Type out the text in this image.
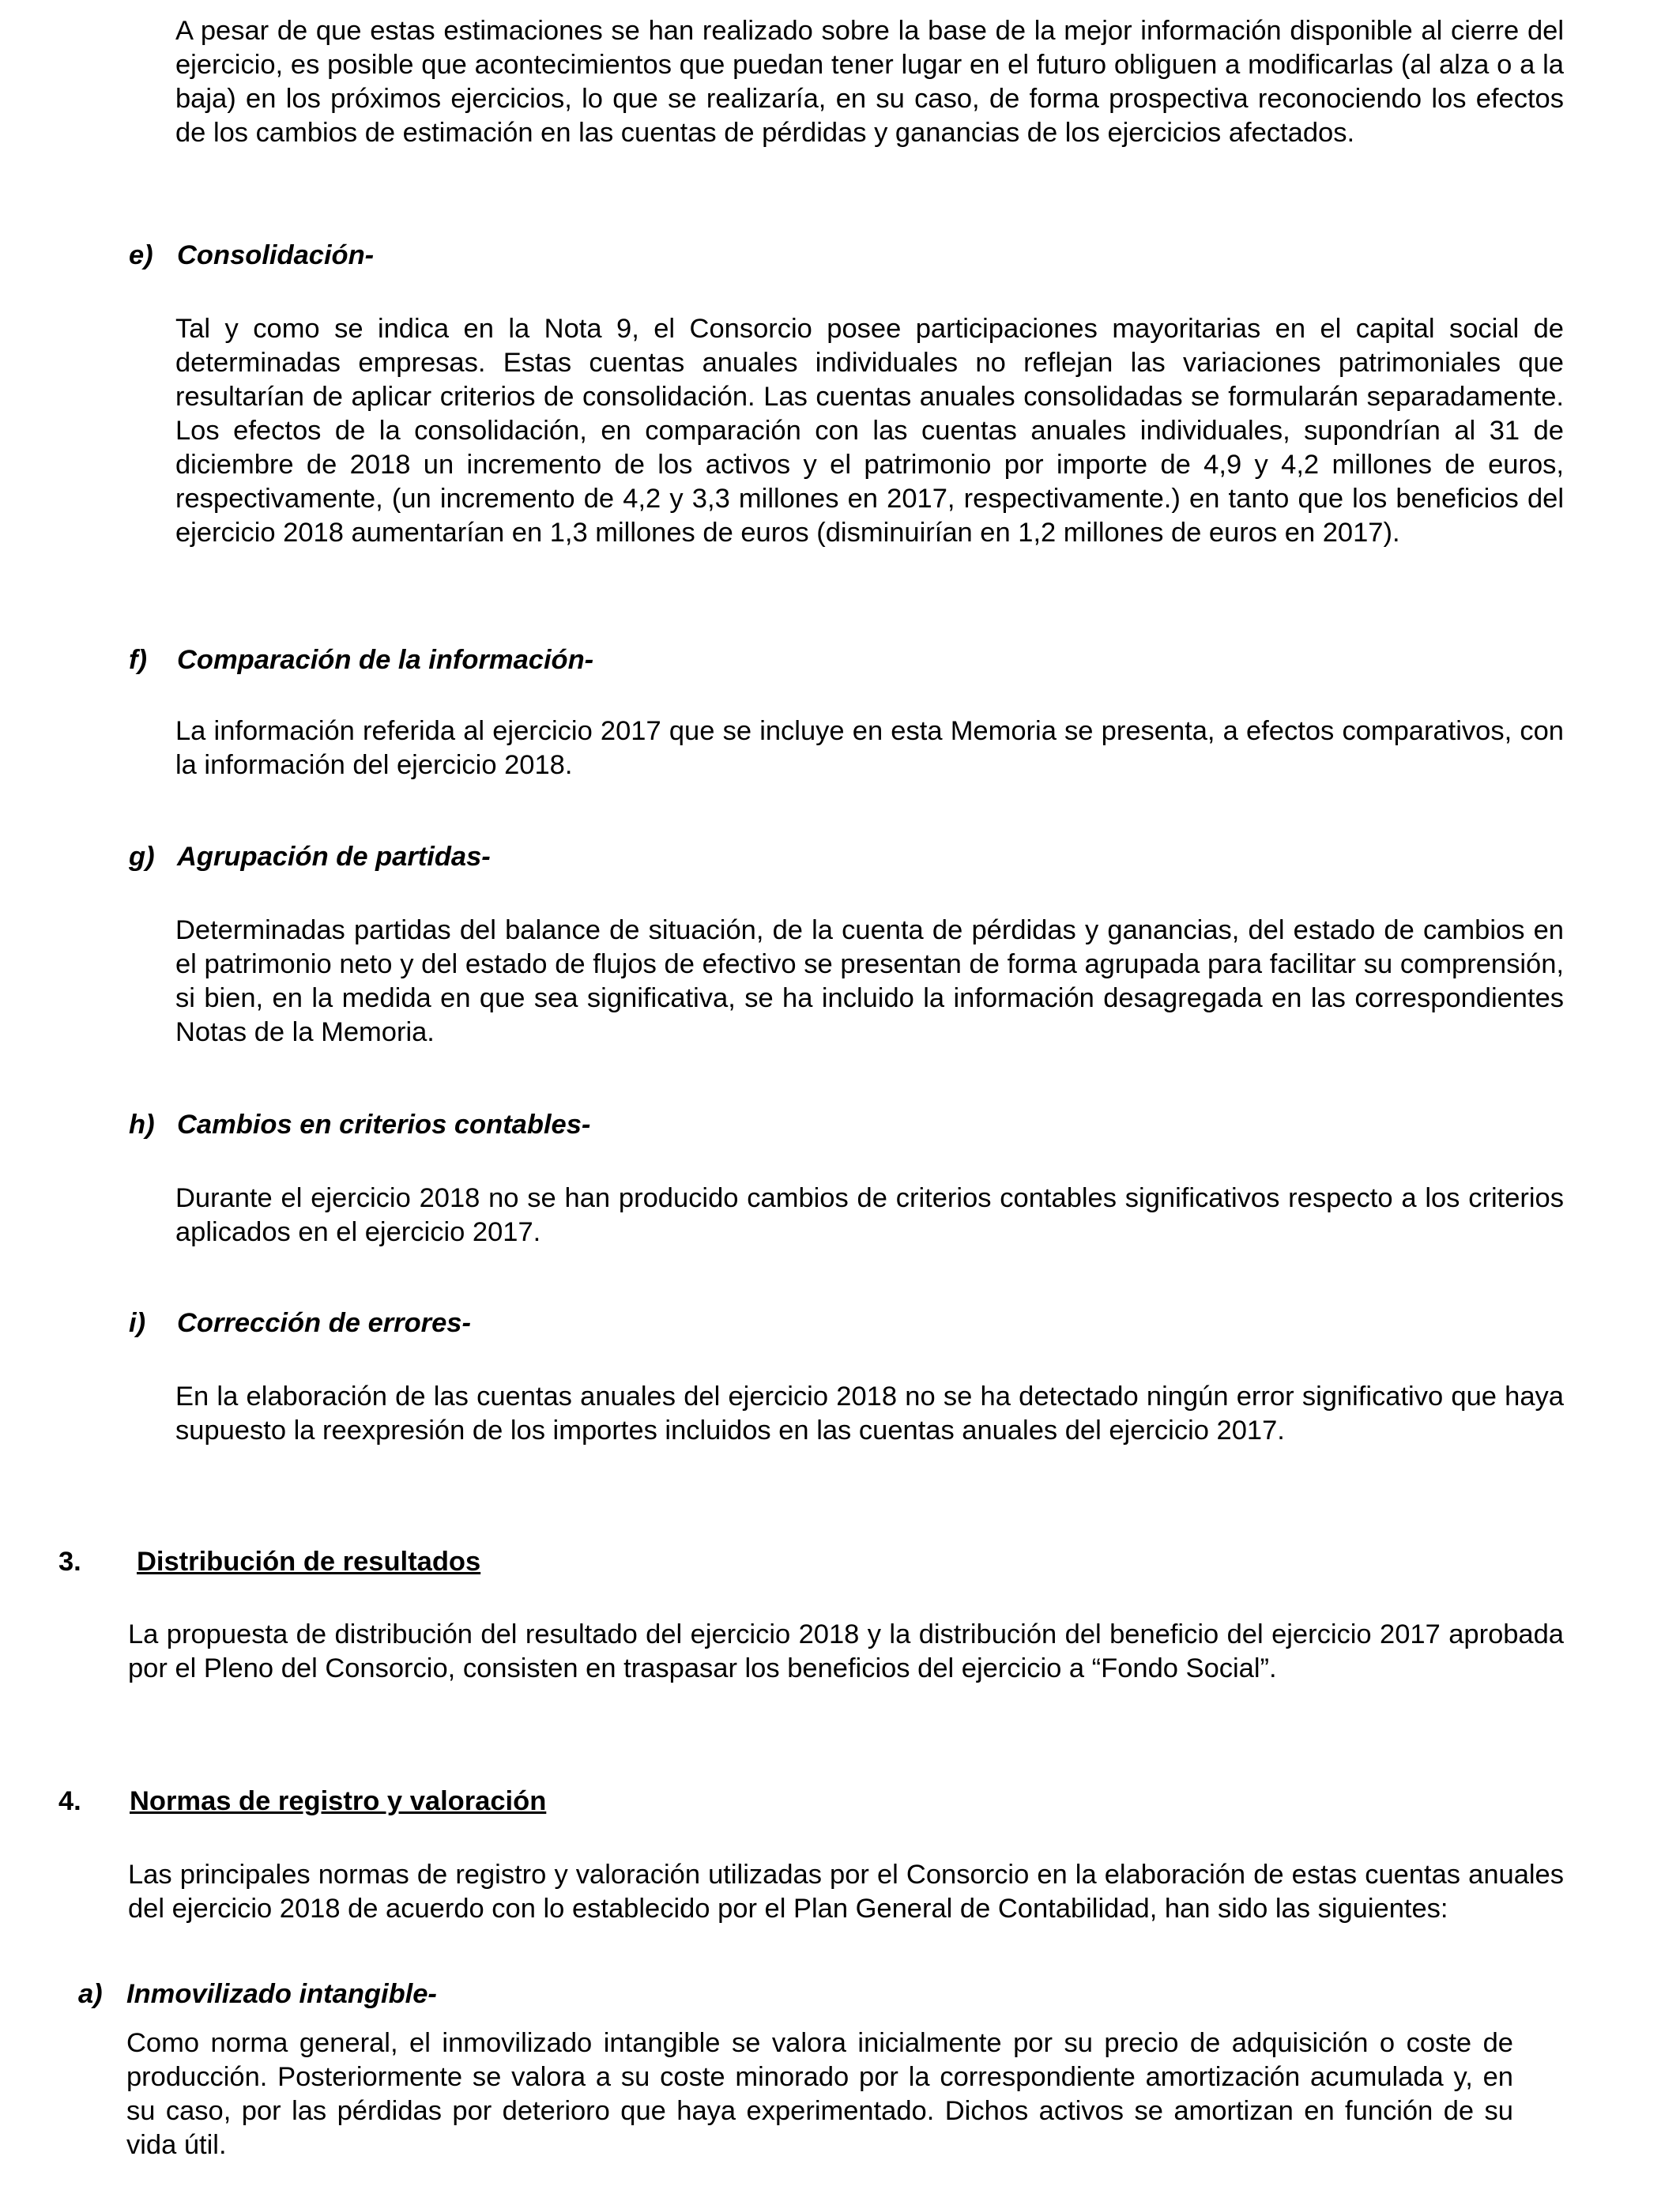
A pesar de que estas estimaciones se han realizado sobre la base de la mejor información disponible al cierre del ejercicio, es posible que acontecimientos que puedan tener lugar en el futuro obliguen a modificarlas (al alza o a la baja) en los próximos ejercicios, lo que se realizaría, en su caso, de forma prospectiva reconociendo los efectos de los cambios de estimación en las cuentas de pérdidas y ganancias de los ejercicios afectados.

e) Consolidación-

Tal y como se indica en la Nota 9, el Consorcio posee participaciones mayoritarias en el capital social de determinadas empresas. Estas cuentas anuales individuales no reflejan las variaciones patrimoniales que resultarían de aplicar criterios de consolidación. Las cuentas anuales consolidadas se formularán separadamente. Los efectos de la consolidación, en comparación con las cuentas anuales individuales, supondrían al 31 de diciembre de 2018 un incremento de los activos y el patrimonio por importe de 4,9 y 4,2 millones de euros, respectivamente, (un incremento de 4,2 y 3,3 millones en 2017, respectivamente.) en tanto que los beneficios del ejercicio 2018 aumentarían en 1,3 millones de euros (disminuirían en 1,2 millones de euros en 2017).

f) Comparación de la información-

La información referida al ejercicio 2017 que se incluye en esta Memoria se presenta, a efectos comparativos, con la información del ejercicio 2018.

g) Agrupación de partidas-

Determinadas partidas del balance de situación, de la cuenta de pérdidas y ganancias, del estado de cambios en el patrimonio neto y del estado de flujos de efectivo se presentan de forma agrupada para facilitar su comprensión, si bien, en la medida en que sea significativa, se ha incluido la información desagregada en las correspondientes Notas de la Memoria.

h) Cambios en criterios contables-

Durante el ejercicio 2018 no se han producido cambios de criterios contables significativos respecto a los criterios aplicados en el ejercicio 2017.

i) Corrección de errores-

En la elaboración de las cuentas anuales del ejercicio 2018 no se ha detectado ningún error significativo que haya supuesto la reexpresión de los importes incluidos en las cuentas anuales del ejercicio 2017.

3. Distribución de resultados

La propuesta de distribución del resultado del ejercicio 2018 y la distribución del beneficio del ejercicio 2017 aprobada por el Pleno del Consorcio, consisten en traspasar los beneficios del ejercicio a “Fondo Social”.

4. Normas de registro y valoración

Las principales normas de registro y valoración utilizadas por el Consorcio en la elaboración de estas cuentas anuales del ejercicio 2018 de acuerdo con lo establecido por el Plan General de Contabilidad, han sido las siguientes:

a) Inmovilizado intangible-

Como norma general, el inmovilizado intangible se valora inicialmente por su precio de adquisición o coste de producción. Posteriormente se valora a su coste minorado por la correspondiente amortización acumulada y, en su caso, por las pérdidas por deterioro que haya experimentado. Dichos activos se amortizan en función de su vida útil.
